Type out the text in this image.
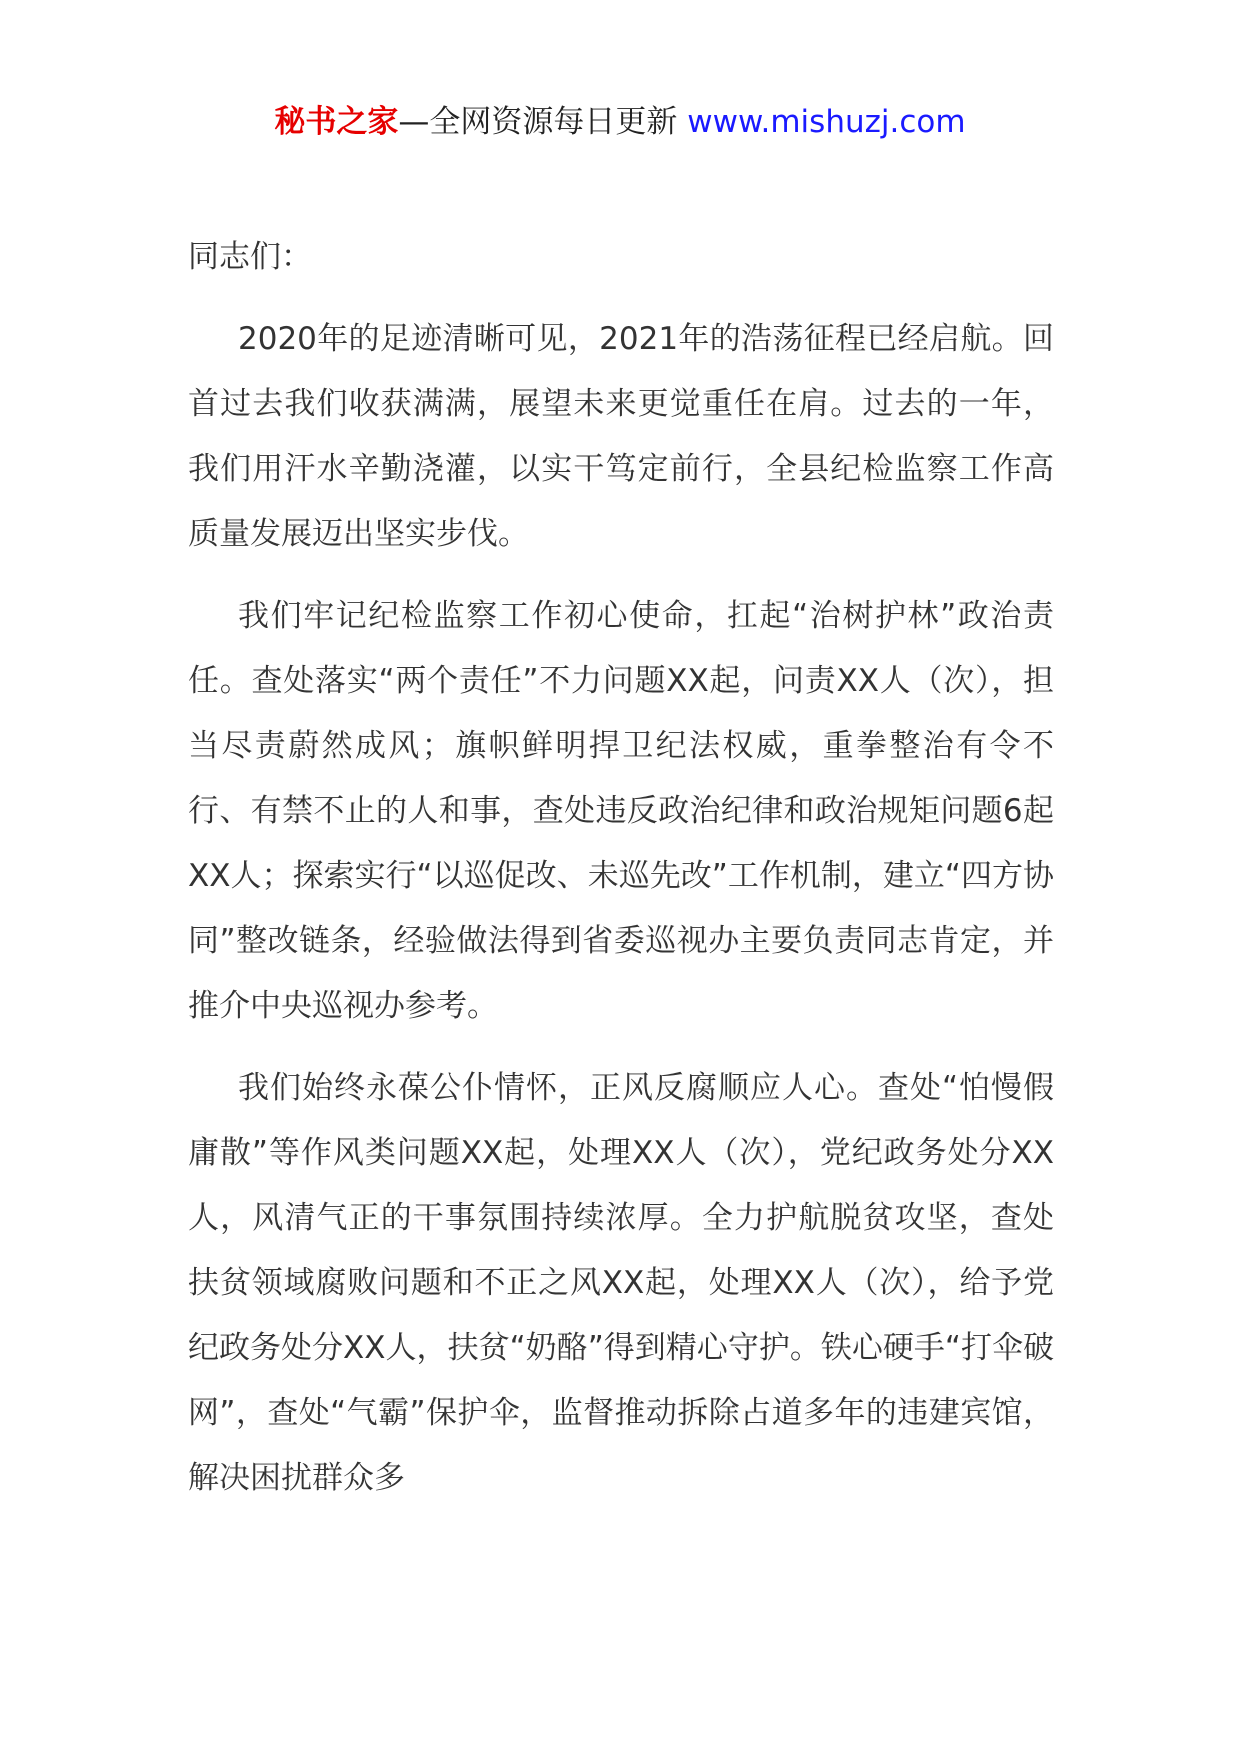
秘书之家—全网资源每日更新 www.mishuzj.com

同志们：

2020年的足迹清晰可见，2021年的浩荡征程已经启航。回首过去我们收获满满，展望未来更觉重任在肩。过去的一年，我们用汗水辛勤浇灌，以实干笃定前行，全县纪检监察工作高质量发展迈出坚实步伐。

我们牢记纪检监察工作初心使命，扛起“治树护林”政治责任。查处落实“两个责任”不力问题XX起，问责XX人（次），担当尽责蔚然成风；旗帜鲜明捍卫纪法权威，重拳整治有令不行、有禁不止的人和事，查处违反政治纪律和政治规矩问题6起XX人；探索实行“以巡促改、未巡先改”工作机制，建立“四方协同”整改链条，经验做法得到省委巡视办主要负责同志肯定，并推介中央巡视办参考。

我们始终永葆公仆情怀，正风反腐顺应人心。查处“怕慢假庸散”等作风类问题XX起，处理XX人（次），党纪政务处分XX人，风清气正的干事氛围持续浓厚。全力护航脱贫攻坚，查处扶贫领域腐败问题和不正之风XX起，处理XX人（次），给予党纪政务处分XX人，扶贫“奶酪”得到精心守护。铁心硬手“打伞破网”，查处“气霸”保护伞，监督推动拆除占道多年的违建宾馆，解决困扰群众多
